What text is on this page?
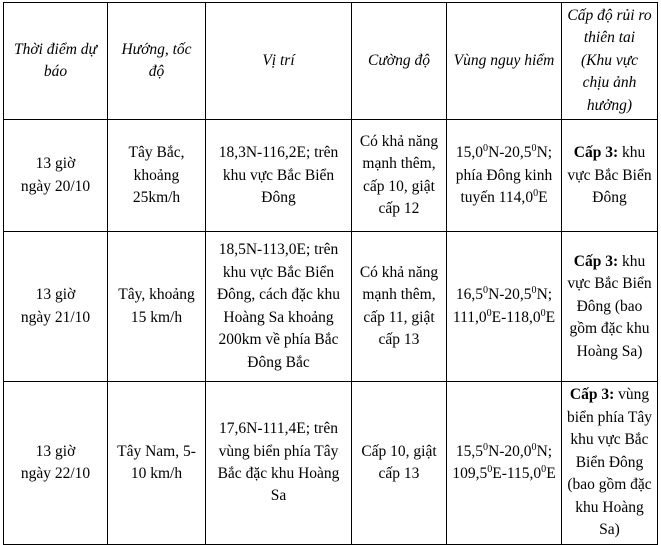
Thời điểm dự báo	Hướng, tốc độ	Vị trí	Cường độ	Vùng nguy hiểm	Cấp độ rủi ro thiên tai (Khu vực chịu ảnh hưởng)
13 giờ
ngày 20/10	Tây Bắc, khoảng 25km/h	18,3N-116,2E; trên khu vực Bắc Biển Đông	Có khả năng mạnh thêm, cấp 10, giật cấp 12	15,0$^0$N-20,5$^0$N; phía Đông kinh tuyến 114,0$^0$E	Cấp 3: khu vực Bắc Biển Đông
13 giờ
ngày 21/10	Tây, khoảng 15 km/h	18,5N-113,0E; trên khu vực Bắc Biển Đông, cách đặc khu Hoàng Sa khoảng 200km về phía Bắc Đông Bắc	Có khả năng mạnh thêm, cấp 11, giật cấp 13	16,5$^0$N-20,5$^0$N; 111,0$^0$E-118,0$^0$E	Cấp 3: khu vực Bắc Biển Đông (bao gồm đặc khu Hoàng Sa)
13 giờ
ngày 22/10	Tây Nam, 5-10 km/h	17,6N-111,4E; trên vùng biển phía Tây Bắc đặc khu Hoàng Sa	Cấp 10, giật cấp 13	15,5$^0$N-20,0$^0$N; 109,5$^0$E-115,0$^0$E	Cấp 3: vùng biển phía Tây khu vực Bắc Biển Đông (bao gồm đặc khu Hoàng Sa)
